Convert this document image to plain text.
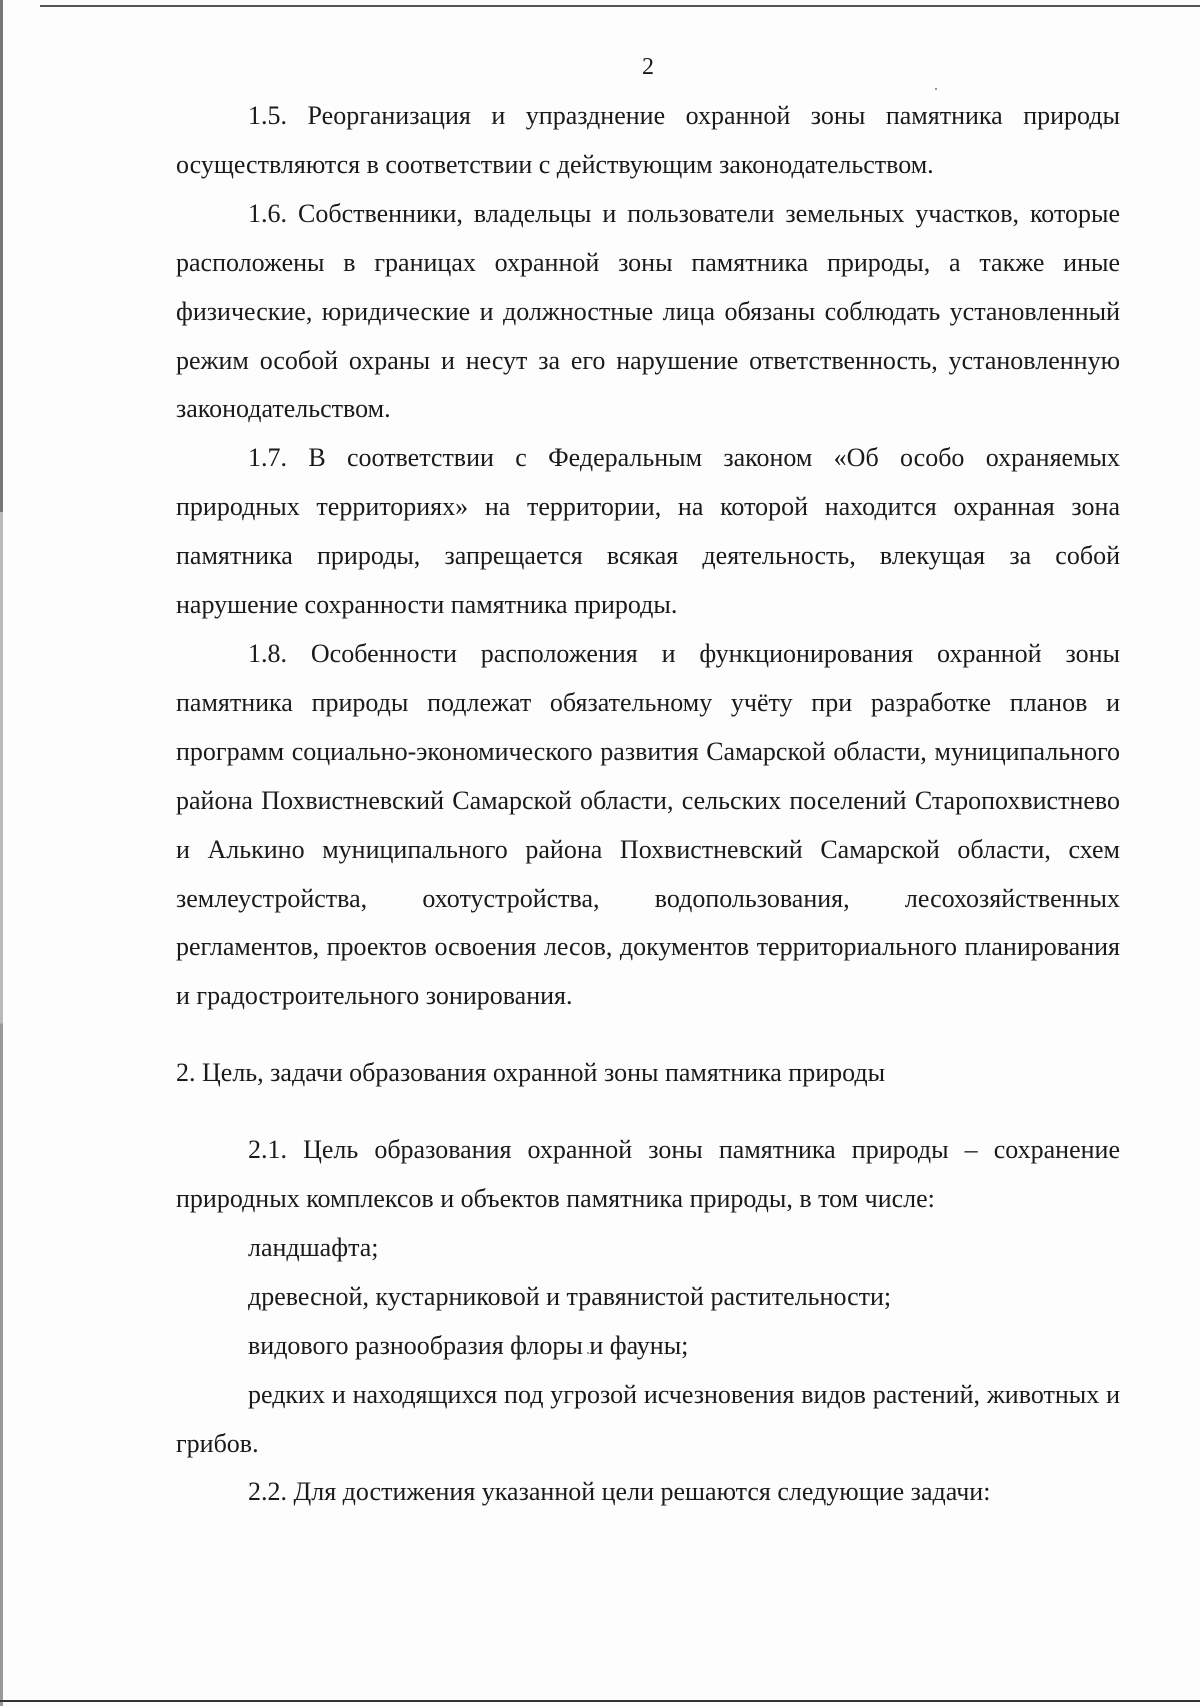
2

1.5. Реорганизация и упразднение охранной зоны памятника природы осуществляются в соответствии с действующим законодательством.

1.6. Собственники, владельцы и пользователи земельных участков, которые расположены в границах охранной зоны памятника природы, а также иные физические, юридические и должностные лица обязаны соблюдать установленный режим особой охраны и несут за его нарушение ответственность, установленную законодательством.

1.7. В соответствии с Федеральным законом «Об особо охраняемых природных территориях» на территории, на которой находится охранная зона памятника природы, запрещается всякая деятельность, влекущая за собой нарушение сохранности памятника природы.

1.8. Особенности расположения и функционирования охранной зоны памятника природы подлежат обязательному учёту при разработке планов и программ социально-экономического развития Самарской области, муниципального района Похвистневский Самарской области, сельских поселений Старопохвистнево и Алькино муниципального района Похвистневский Самарской области, схем землеустройства, охотустройства, водопользования, лесохозяйственных регламентов, проектов освоения лесов, документов территориального планирования и градостроительного зонирования.

2. Цель, задачи образования охранной зоны памятника природы

2.1. Цель образования охранной зоны памятника природы – сохранение природных комплексов и объектов памятника природы, в том числе:

ландшафта;

древесной, кустарниковой и травянистой растительности;

видового разнообразия флоры и фауны;

редких и находящихся под угрозой исчезновения видов растений, животных и грибов.

2.2. Для достижения указанной цели решаются следующие задачи:
